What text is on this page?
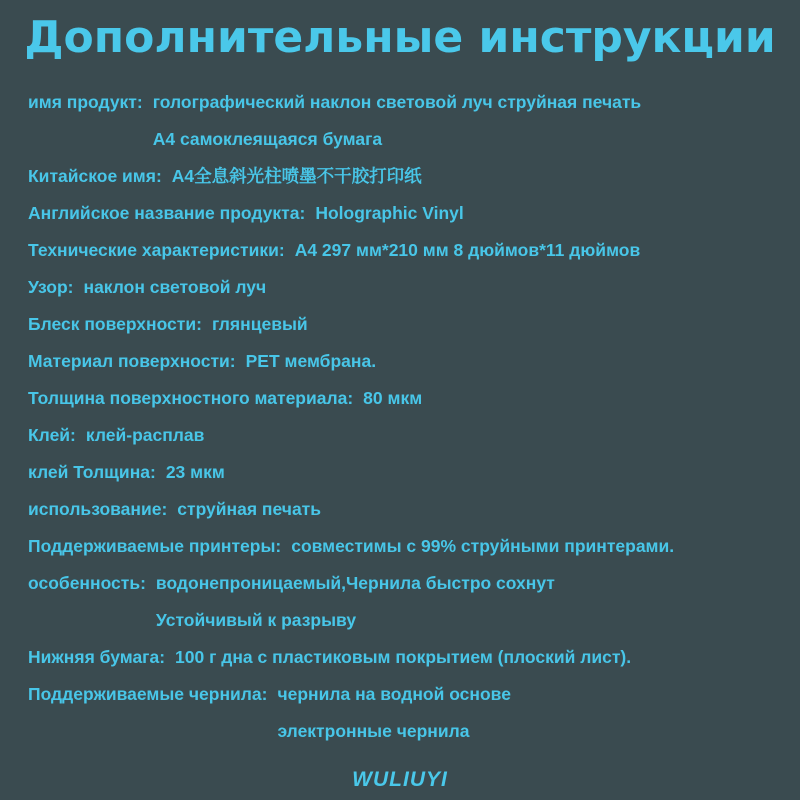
Дополнительные инструкции
имя продукт: голографический наклон световой луч струйная печать
A4 самоклеящаяся бумага
Китайское имя: A4全息斜光柱喷墨不干胶打印纸
Английское название продукта: Holographic Vinyl
Технические характеристики: A4 297 мм*210 мм 8 дюймов*11 дюймов
Узор: наклон световой луч
Блеск поверхности: глянцевый
Материал поверхности: PET мембрана.
Толщина поверхностного материала: 80 мкм
Клей: клей-расплав
клей Толщина: 23 мкм
использование: струйная печать
Поддерживаемые принтеры: совместимы с 99% струйными принтерами.
особенность: водонепроницаемый,Чернила быстро сохнут
Устойчивый к разрыву
Нижняя бумага: 100 г дна с пластиковым покрытием (плоский лист).
Поддерживаемые чернила: чернила на водной основе
электронные чернила
WULIUYI
